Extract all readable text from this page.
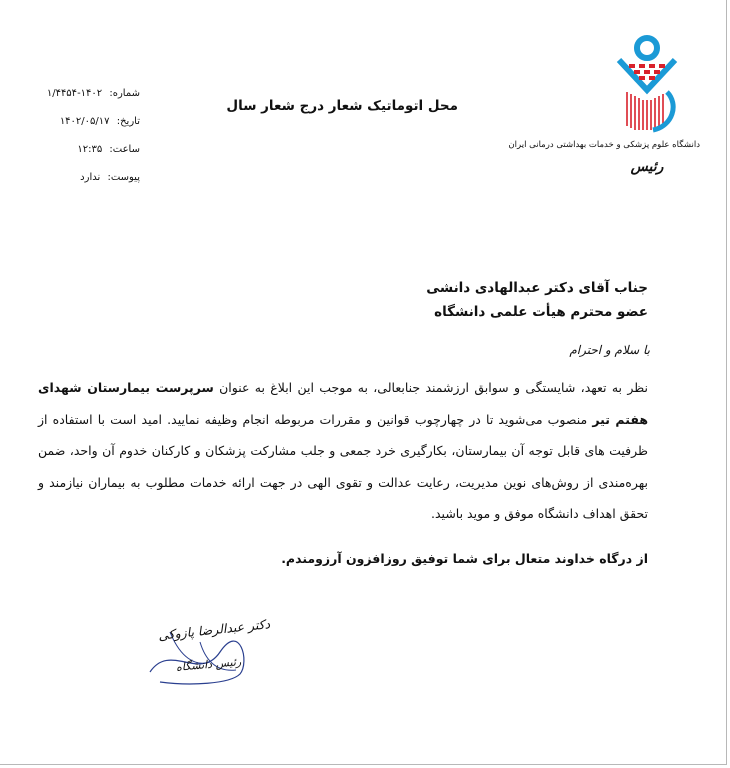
دانشگاه علوم پزشکی و خدمات بهداشتی درمانی ایران
رئیس
شماره: ۱۴۰۲-۱/۴۴۵۴
تاریخ: ۱۴۰۲/۰۵/۱۷
ساعت: ۱۲:۳۵
پیوست: ندارد
محل اتوماتیک شعار درج شعار سال
جناب آقای دکتر عبدالهادی دانشی
عضو محترم هیأت علمی دانشگاه
با سلام و احترام

نظر به تعهد، شایستگی و سوابق ارزشمند جنابعالی، به موجب این ابلاغ به عنوان سرپرست بیمارستان شهدای هفتم تیر منصوب می‌شوید تا در چهارچوب قوانین و مقررات مربوطه انجام وظیفه نمایید. امید است با استفاده از ظرفیت های قابل توجه آن بیمارستان، بکارگیری خرد جمعی و جلب مشارکت پزشکان و کارکنان خدوم آن واحد، ضمن بهره‌مندی از روش‌های نوین مدیریت، رعایت عدالت و تقوی الهی در جهت ارائه خدمات مطلوب به بیماران نیازمند و تحقق اهداف دانشگاه موفق و موید باشید.

از درگاه خداوند متعال برای شما توفیق روزافزون آرزومندم.
دکتر عبدالرضا پازوکی
رئیس دانشگاه
